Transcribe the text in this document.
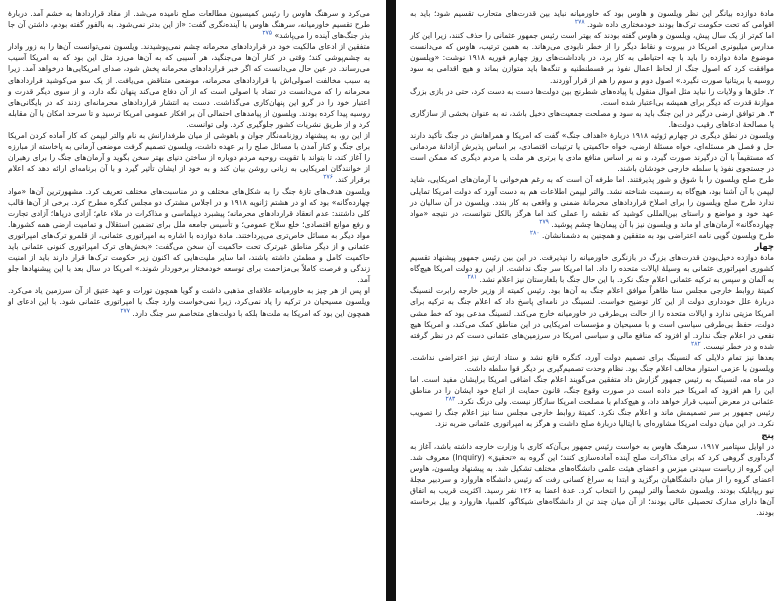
می‌کرد و سرهنگ هاوس را رئیس کمیسیون مطالعات صلح نامیده می‌شد. از مفاد قراردادها به خشم آمد. دربارهٔ طرح تقسیم خاورمیانه، سرهنگ هاوس با آینده‌نگری گفت: «از این بدتر نمی‌شود. به بالفور گفته بودم، داشتن آن جا بذر جنگ‌های آینده را می‌پاشد» $^{۲۷۵}$

متفقین از ادعای مالکیت خود در قراردادهای محرمانه چشم نمی‌پوشیدند. ویلسون نمی‌توانست آن‌ها را به زور وادار به چشم‌پوشی کند؛ وقتی در کنار آن‌ها می‌جنگید، هر آسیبی که به آن‌ها می‌زد مثل این بود که به امریکا آسیب می‌رساند. در عین حال می‌دانست که اگر خبر قراردادهای محرمانه پخش شود، صدای امریکایی‌ها درخواهد آمد. زیرا به سبب مخالفت اصولی‌اش با قراردادهای محرمانه، موضعی متناقض می‌یافت. از یک سو می‌کوشید قراردادهای محرمانه را که می‌دانست در تضاد با اصولی است که از آن دفاع می‌کند پنهان نگه دارد، و از سوی دیگر قدرت و اعتبار خود را در گرو این پنهان‌کاری می‌گذاشت. دست به انتشار قراردادهای محرمانه‌ای زدند که در بایگانی‌های روسیه پیدا کرده بودند. ویلسون از پیامدهای احتمالی آن بر افکار عمومی امریکا ترسید و تا سرحد امکان با آن مقابله کرد و از طریق نشریات کشور جلوگیری کرد. ولی توانست.

از این رو، به پیشنهاد روزنامه‌نگار جوان و باهوشی از میان طرفدارانش به نام والتر لیپمن که کار آماده کردن امریکا برای جنگ و کنار آمدن با مسائل صلح را بر عهده داشت، ویلسون تصمیم گرفت موضعی آرمانی به پاخاسته از مبارزه را آغاز کند، تا بتواند با تقویت روحیه مردم دوباره از ساختن دنیای بهتر سخن بگوید و آرمان‌های جنگ را برای رهبران از خوانندگان امریکایی به زبانی روشن بیان کند و به خود از ایشان تأثیر گیرد و با آن برنامه‌ای ارائه دهد که اعلام برقرار کند. $^{۲۷۶}$

ویلسون هدف‌های تازهٔ جنگ را به شکل‌های مختلف و در مناسبت‌های مختلف تعریف کرد. مشهورترین آن‌ها «مواد چهارده‌گانه» بود که او در هشتم ژانویه ۱۹۱۸ و در اجلاس مشترک دو مجلس کنگره مطرح کرد. برخی از آن‌ها قالب کلی داشتند: عدم انعقاد قراردادهای محرمانه؛ پیشبرد دیپلماسی و مذاکرات در ملاء عام؛ آزادی دریاها؛ آزادی تجارت و رفع موانع اقتصادی؛ خلع سلاح عمومی؛ و تأسیس جامعه ملل برای تضمین استقلال و تمامیت ارضی همه کشورها. مواد دیگر به مسائل خاص‌تری می‌پرداختند. مادهٔ دوازده با اشاره به امپراتوری عثمانی، از قلمرو ترک‌های امپراتوری عثمانی و از دیگر مناطق غیرترک تحت حاکمیت آن سخن می‌گفت: «بخش‌های ترک امپراتوری کنونی عثمانی باید حاکمیت کامل و مطمئن داشته باشند، اما سایر ملیت‌هایی که اکنون زیر حکومت ترک‌ها قرار دارند باید از امنیت زندگی و فرصت کاملاً بی‌مزاحمت برای توسعه خودمختار برخوردار شوند.» امریکا در سال بعد با این پیشنهادها جلو آمد.

او پس از هر چیز به خاورمیانه علاقه‌ای مذهبی داشت و گویا همچون تورات و عهد عتیق از آن سرزمین یاد می‌کرد. ویلسون مسیحیان در ترکیه را یاد نمی‌کرد، زیرا نمی‌خواست وارد جنگ با امپراتوری عثمانی شود. با این ادعای او همچون این بود که امریکا به ملت‌ها بلکه با دولت‌های متخاصم سر جنگ دارد. $^{۲۷۷}$

مادهٔ دوازده بیانگر این نظر ویلسون و هاوس بود که خاورمیانه نباید بین قدرت‌های متحارب تقسیم شود؛ باید به اقوامی که تحت حکومت ترک‌ها بودند خودمختاری داده شود. $^{۲۷۸}$

اما کم‌تر از یک سال پیش، ویلسون و هاوس گفته بودند که بهتر است رئیس جمهور عثمانی را حذف کنند، زیرا این کار مدارس میلیونری امریکا در بیروت و نقاط دیگر را از خطر نابودی می‌رهاند. به همین ترتیب، هاوس که می‌دانست موضوع مادهٔ دوازده را باید با چه احتیاطی به کار برد، در یادداشت‌های روز چهارم فوریه ۱۹۱۸ نوشت: «ویلسون موافقت کرد که اصول جنگ از لحاظ اعمال نفوذ بر قسطنطنیه و تنگه‌ها باید متوازن بماند و هیچ اقدامی به سود روسیه یا بریتانیا صورت نگیرد.» اصول دوم و سوم را هم از قرار آوردند.

۲. خلق‌ها و ولایات را نباید مثل اموال منقول یا پیاده‌های شطرنج بین دولت‌ها دست به دست کرد، حتی در بازی بزرگ موازنهٔ قدرت که دیگر برای همیشه بی‌اعتبار شده است.

۳. هر توافق ارضی درگیر در این جنگ باید به سود و مصلحت جمعیت‌های دخیل باشد، نه به عنوان بخشی از سازگاری یا مصالحهٔ ادعاهای رقیب دولت‌ها.

ویلسون در نطق دیگری در چهارم ژوئیه ۱۹۱۸ دربارهٔ «اهداف جنگ» گفت که امریکا و همراهانش در جنگ تأکید دارند حل و فصل هر مسئله‌ای، خواه مسئلهٔ ارضی، خواه حاکمیتی یا ترتیبات اقتصادی، بر اساس پذیرش آزادانهٔ مردمانی که مستقیماً با آن درگیرند صورت گیرد، و نه بر اساس منافع مادی یا برتری هر ملت یا مردم دیگری که ممکن است در جستجوی نفوذ یا سلطه خارجی خودشان باشند.

طرح صلح ویلسون را با شوق و شور پذیرفتند. اما طرفه آن است که به رغم هم‌خوانی با آرمان‌های امریکایی، شاید لیپمن با آن آشنا بود، هیچ‌گاه به رسمیت شناخته نشد. والتر لیپمن اطلاعات هم به دست آورد که دولت امریکا تمایلی ندارد طرح صلح ویلسون را برای اصلاح قراردادهای محرمانهٔ ضمنی و واقعی به کار بندد. ویلسون در آن سالیان در عهد خود و مواضع و راستای بین‌المللی کوشید که نقشه را عملی کند اما هرگز بالکل نتوانست، در نتیجه «مواد چهارده‌گانه» آرمان‌های او ماند و ویلسون نیز با آن پیمان‌ها چشم پوشید. $^{۲۷۹}$

طرح ویلسون گویی نامه اعتراضی بود به متفقین و همچنین به دشمنانشان. $^{۲۸۰}$

چهار

مادهٔ دوازده دخیل‌بودن قدرت‌های بزرگ در بازنگری خاورمیانه را نپذیرفت. در این بین رئیس جمهور پیشنهاد تقسیم کشوری امپراتوری عثمانی به وسیلهٔ ایالات متحده را داد. اما امریکا سر جنگ نداشت. از این رو دولت امریکا هیچ‌گاه به آلمان و سپس به ترکیه عثمانی اعلام جنگ نکرد. با این حال جنگ با بلغارستان نیز اعلام نشد. $^{۲۸۱}$

کمیتهٔ روابط خارجی مجلس سنا ظاهراً موافق اعلام جنگ به آن‌ها بود. رئیس کمیته از وزیر خارجه رابرت لنسینگ دربارهٔ علل خودداری دولت از این کار توضیح خواست. لنسینگ در نامه‌ای پاسخ داد که اعلام جنگ به ترکیه برای امریکا مزیتی ندارد و ایالات متحده را از حالت بی‌طرفی در خاورمیانه خارج می‌کند. لنسینگ مدعی بود که خط مشی دولت، حفظ بی‌طرفی سیاسی است و با مسیحیان و مؤسسات امریکایی در این مناطق کمک می‌کند، و امریکا هیچ نفعی در اعلام جنگ ندارد. او افزود که منافع مالی و سیاسی امریکا در سرزمین‌های عثمانی دست کم در نظر گرفته شده و در خطر نیست. $^{۲۸۲}$

بعدها نیز تمام دلایلی که لنسینگ برای تصمیم دولت آورد، کنگره قانع نشد و ستاد ارتش نیز اعتراضی نداشت. ویلسون با عزمی استوار مخالف اعلام جنگ بود. نظام وحدت تصمیم‌گیری بر دیگر قوا سلطه داشت.

در ماه مه، لنسینگ به رئیس جمهور گزارش داد متفقین می‌گویند اعلام جنگ اضافی امریکا برایشان مفید است. اما این را هم افزود که امریکا خبر داده است در صورت وقوع جنگ، قانون حمایت از اتباع خود ایشان را در مناطق عثمانی در معرض آسیب قرار خواهد داد، و هیچ‌کدام با مصلحت امریکا سازگار نیست. ولی درنگ نکرد. $^{۲۸۳}$

رئیس جمهور بر سر تصمیمش ماند و اعلام جنگ نکرد. کمیتهٔ روابط خارجی مجلس سنا نیز اعلام جنگ را تصویب نکرد. در این میان دولت امریکا مشاوره‌ای با ایتالیا دربارهٔ صلح داشت و هرگز به امپراتوری عثمانی ضربه نزد.

پنج

در اوایل سپتامبر ۱۹۱۷، سرهنگ هاوس به خواست رئیس جمهور بی‌آن‌که کاری با وزارت خارجه داشته باشد، آغاز به گردآوری گروهی کرد که برای مذاکرات صلح آینده آماده‌سازی کنند؛ این گروه به «تحقیق» (Inquiry) معروف شد. این گروه از ریاست سیدنی میزس و اعضای هیئت علمی دانشگاه‌های مختلف تشکیل شد. به پیشنهاد ویلسون، هاوس اعضای گروه را از میان دانشگاهیان برگزید و ابتدا به سراغ کسانی رفت که رئیس دانشگاه هاروارد و سردبیر مجلهٔ نیو ریپابلیک بودند. ویلسون شخصاً والتر لیپمن را انتخاب کرد. عدهٔ اعضا به ۱۲۶ نفر رسید. اکثریت قریب به اتفاق آن‌ها دارای مدارک تحصیلی عالی بودند؛ از آن میان چند تن از دانشگاه‌های شیکاگو، کلمبیا، هاروارد و ییل برخاسته بودند.
